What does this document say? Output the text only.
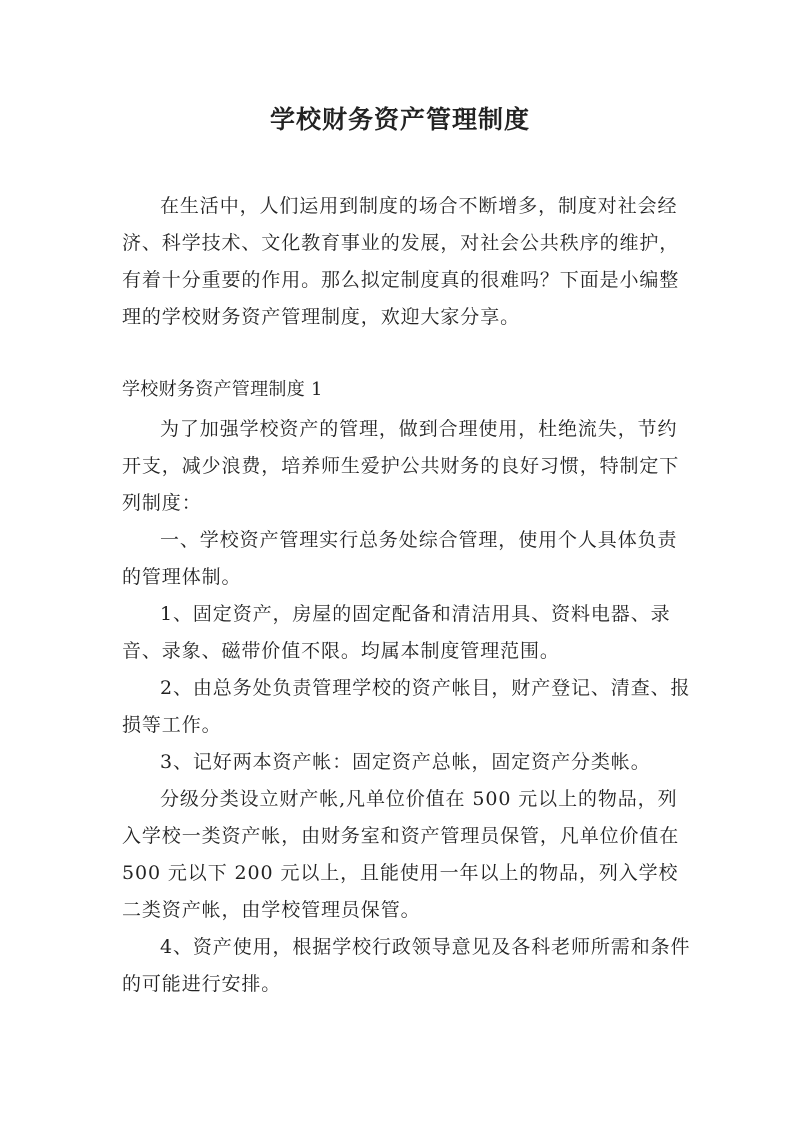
学校财务资产管理制度

在生活中，人们运用到制度的场合不断增多，制度对社会经济、科学技术、文化教育事业的发展，对社会公共秩序的维护，有着十分重要的作用。那么拟定制度真的很难吗？下面是小编整理的学校财务资产管理制度，欢迎大家分享。

学校财务资产管理制度 1

为了加强学校资产的管理，做到合理使用，杜绝流失，节约开支，减少浪费，培养师生爱护公共财务的良好习惯，特制定下列制度：

一、学校资产管理实行总务处综合管理，使用个人具体负责的管理体制。

1、固定资产，房屋的固定配备和清洁用具、资料电器、录音、录象、磁带价值不限。均属本制度管理范围。

2、由总务处负责管理学校的资产帐目，财产登记、清查、报损等工作。

3、记好两本资产帐：固定资产总帐，固定资产分类帐。

分级分类设立财产帐,凡单位价值在 500 元以上的物品，列入学校一类资产帐，由财务室和资产管理员保管，凡单位价值在 500 元以下 200 元以上，且能使用一年以上的物品，列入学校二类资产帐，由学校管理员保管。

4、资产使用，根据学校行政领导意见及各科老师所需和条件的可能进行安排。
